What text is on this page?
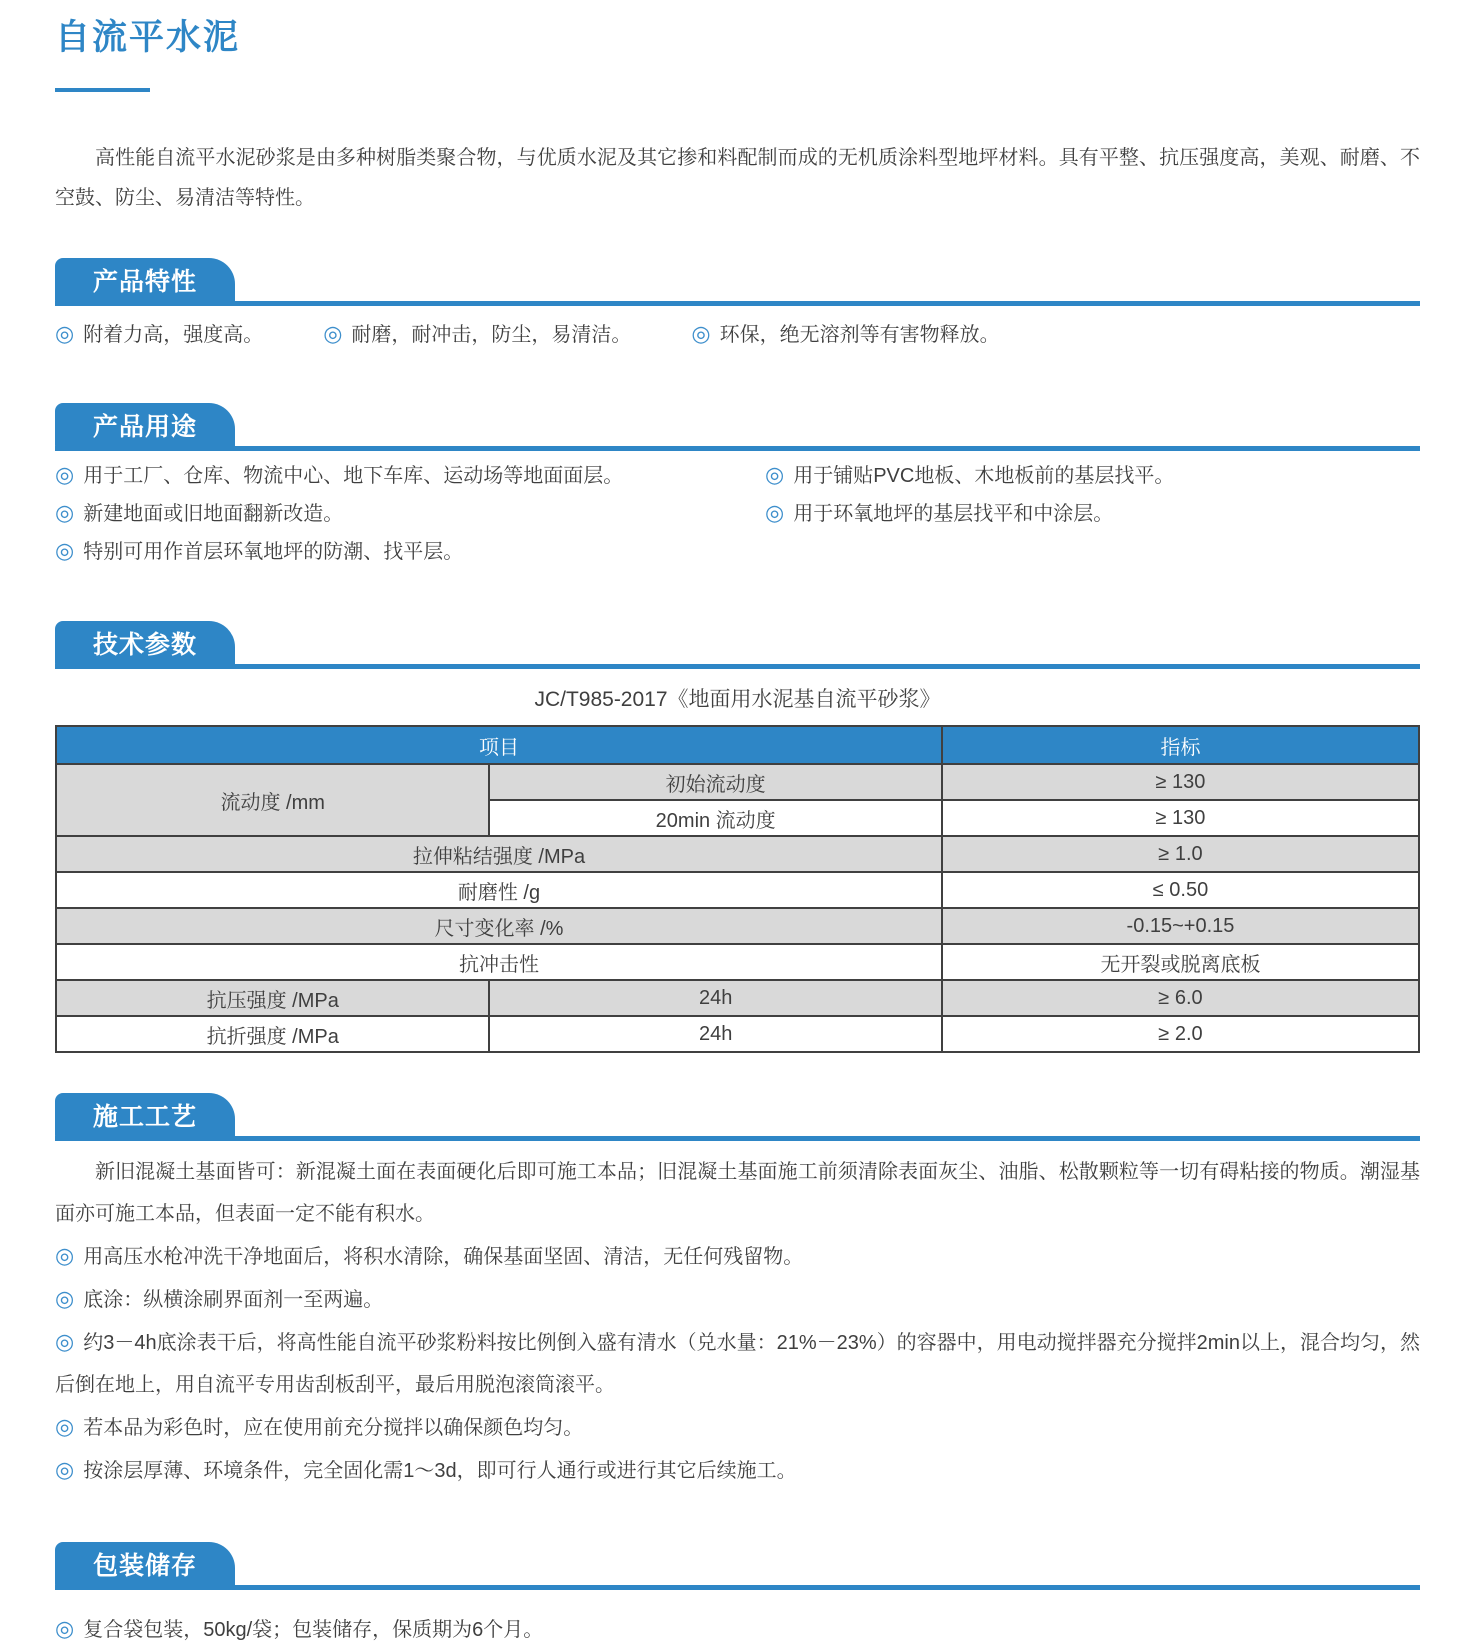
自流平水泥

高性能自流平水泥砂浆是由多种树脂类聚合物，与优质水泥及其它掺和料配制而成的无机质涂料型地坪材料。具有平整、抗压强度高，美观、耐磨、不空鼓、防尘、易清洁等特性。

产品特性
◎ 附着力高，强度高。	◎ 耐磨，耐冲击，防尘，易清洁。	◎ 环保，绝无溶剂等有害物释放。
产品用途
◎ 用于工厂、仓库、物流中心、地下车库、运动场等地面面层。
◎ 新建地面或旧地面翻新改造。
◎ 特别可用作首层环氧地坪的防潮、找平层。
◎ 用于铺贴PVC地板、木地板前的基层找平。
◎ 用于环氧地坪的基层找平和中涂层。
技术参数
JC/T985-2017《地面用水泥基自流平砂浆》
项目		指标
流动度 /mm	初始流动度	≥ 130
	20min 流动度	≥ 130
拉伸粘结强度 /MPa		≥ 1.0
耐磨性 /g		≤ 0.50
尺寸变化率 /%		-0.15~+0.15
抗冲击性		无开裂或脱离底板
抗压强度 /MPa	24h	≥ 6.0
抗折强度 /MPa	24h	≥ 2.0
施工工艺

新旧混凝土基面皆可：新混凝土面在表面硬化后即可施工本品；旧混凝土基面施工前须清除表面灰尘、油脂、松散颗粒等一切有碍粘接的物质。潮湿基面亦可施工本品，但表面一定不能有积水。

◎ 用高压水枪冲洗干净地面后，将积水清除，确保基面坚固、清洁，无任何残留物。

◎ 底涂：纵横涂刷界面剂一至两遍。

◎ 约3－4h底涂表干后，将高性能自流平砂浆粉料按比例倒入盛有清水（兑水量：21%－23%）的容器中，用电动搅拌器充分搅拌2min以上，混合均匀，然后倒在地上，用自流平专用齿刮板刮平，最后用脱泡滚筒滚平。

◎ 若本品为彩色时，应在使用前充分搅拌以确保颜色均匀。

◎ 按涂层厚薄、环境条件，完全固化需1～3d，即可行人通行或进行其它后续施工。

包装储存

◎ 复合袋包装，50kg/袋；包装储存，保质期为6个月。
